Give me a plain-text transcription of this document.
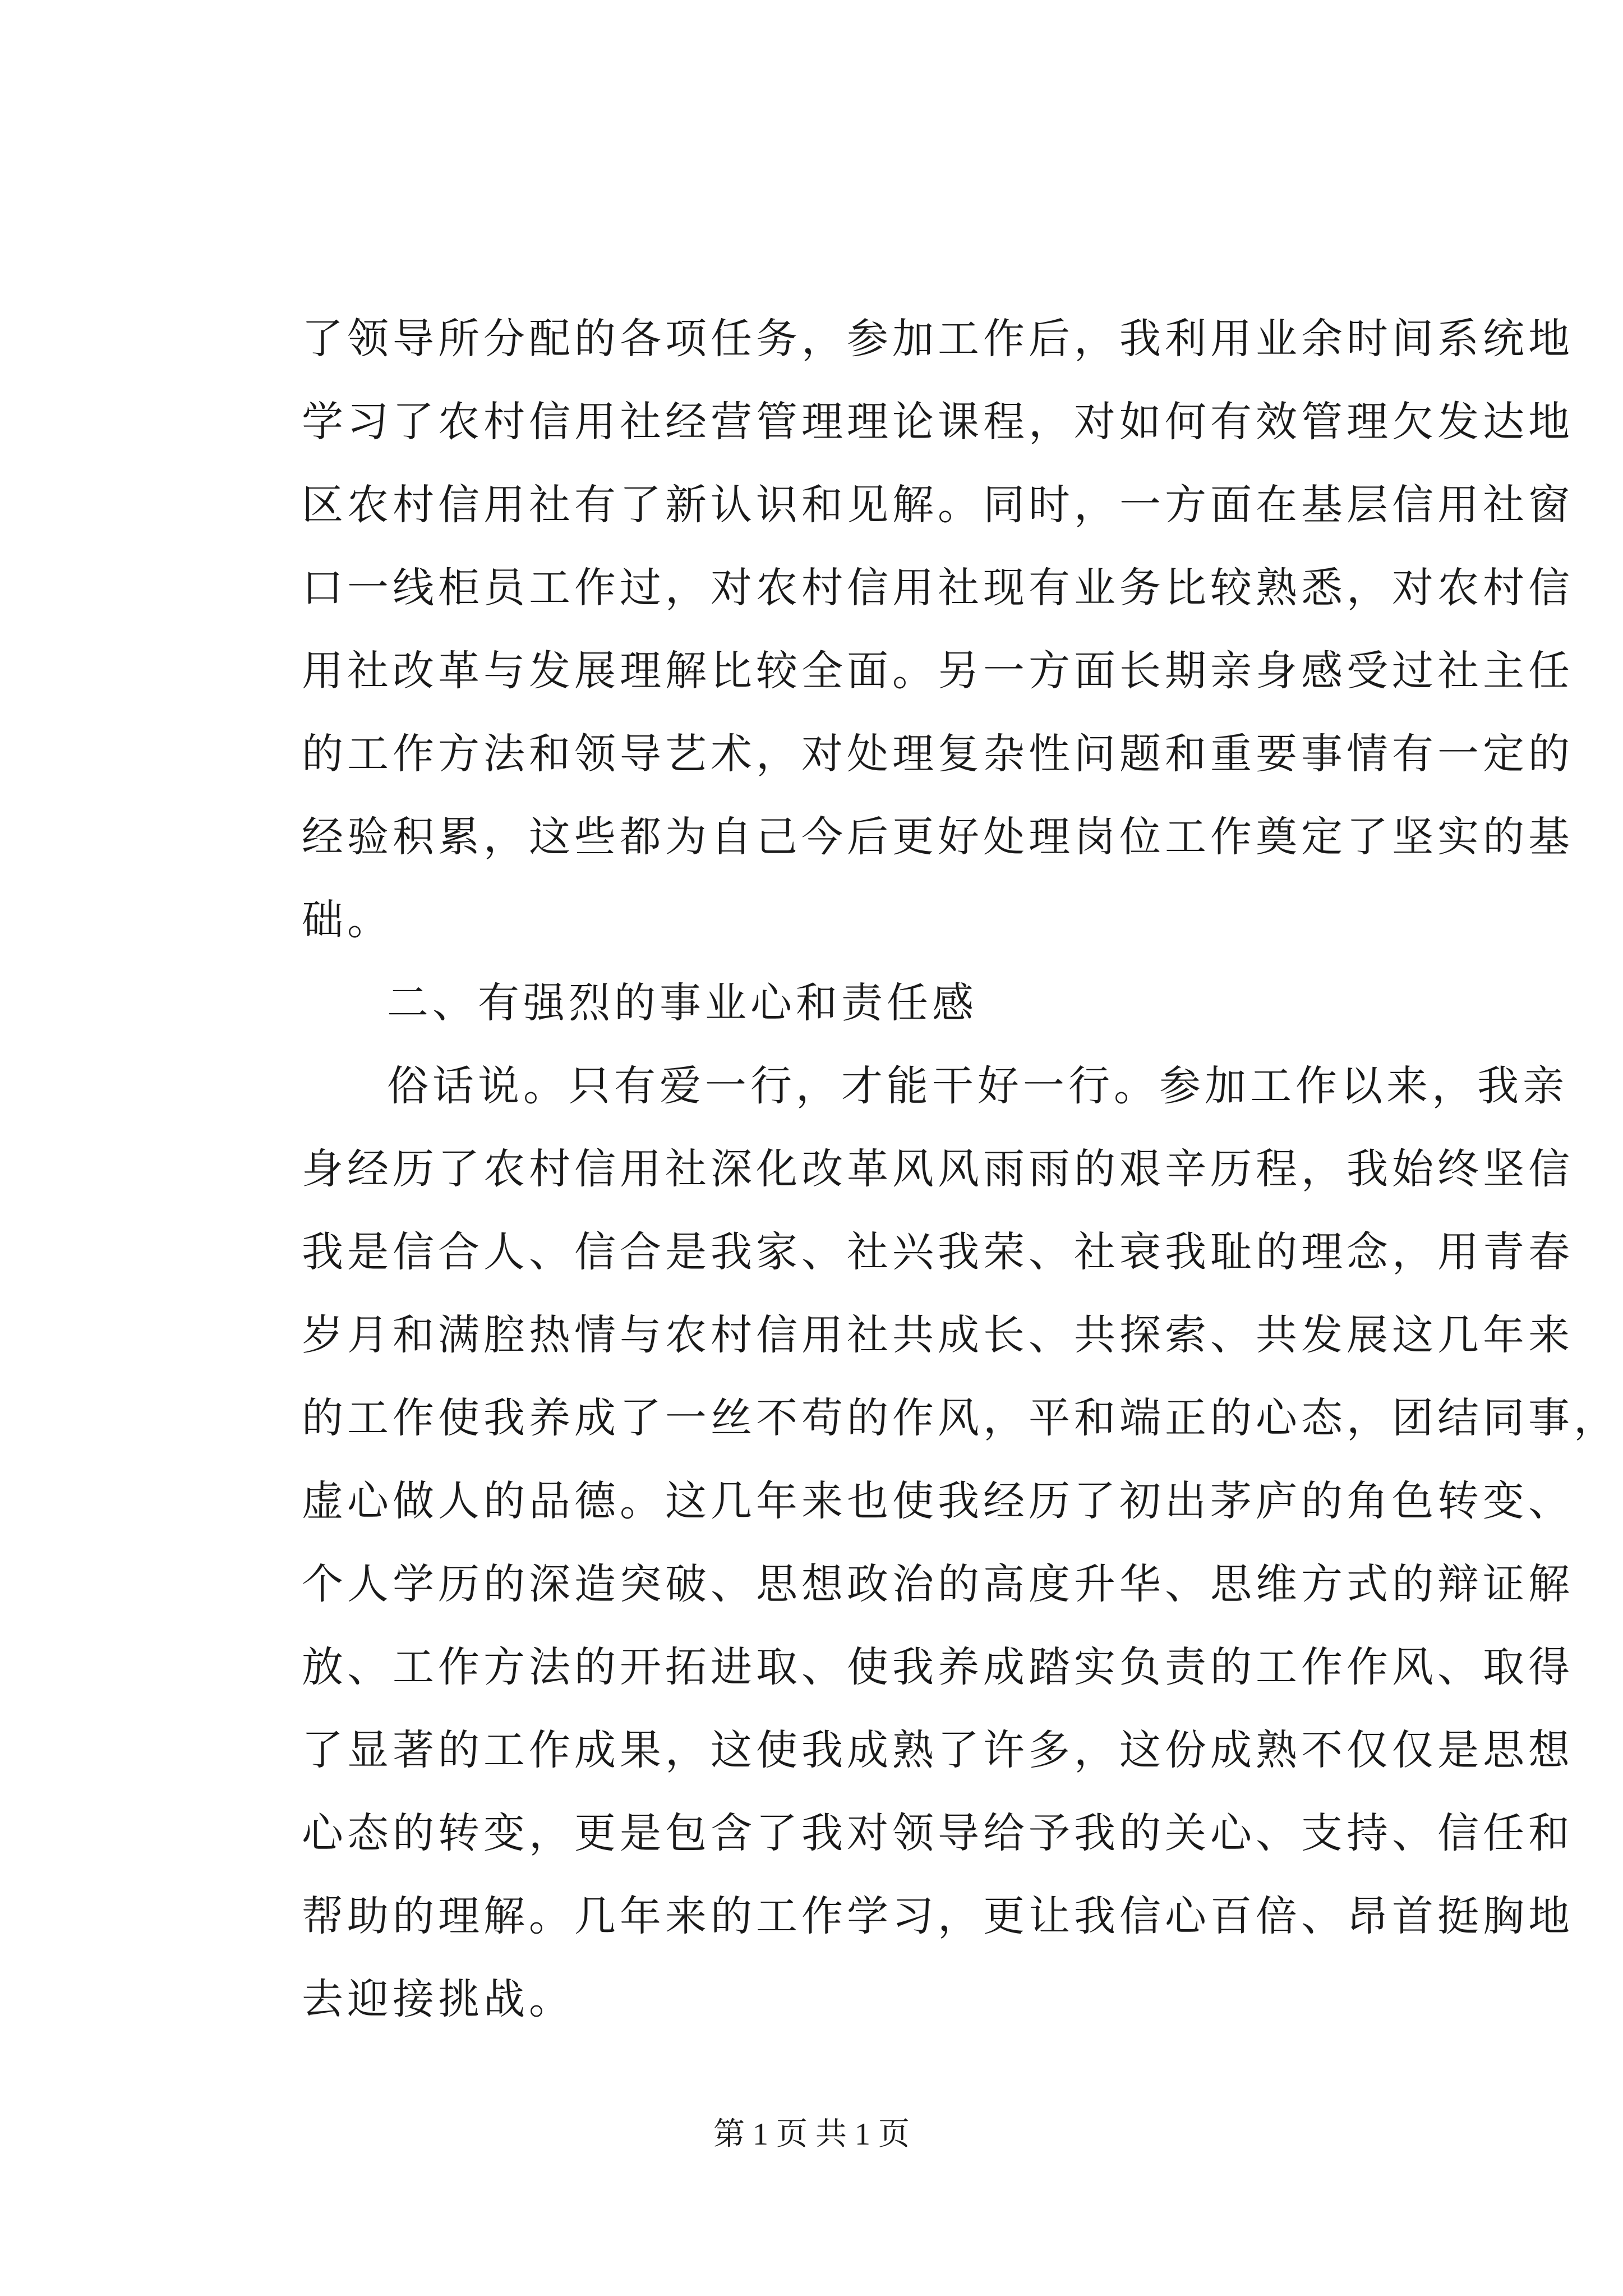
了领导所分配的各项任务，参加工作后，我利用业余时间系统地
学习了农村信用社经营管理理论课程，对如何有效管理欠发达地
区农村信用社有了新认识和见解。同时，一方面在基层信用社窗
口一线柜员工作过，对农村信用社现有业务比较熟悉，对农村信
用社改革与发展理解比较全面。另一方面长期亲身感受过社主任
的工作方法和领导艺术，对处理复杂性问题和重要事情有一定的
经验积累，这些都为自己今后更好处理岗位工作奠定了坚实的基
础。
二、有强烈的事业心和责任感
俗话说。只有爱一行，才能干好一行。参加工作以来，我亲
身经历了农村信用社深化改革风风雨雨的艰辛历程，我始终坚信
我是信合人、信合是我家、社兴我荣、社衰我耻的理念，用青春
岁月和满腔热情与农村信用社共成长、共探索、共发展这几年来
的工作使我养成了一丝不苟的作风，平和端正的心态，团结同事，
虚心做人的品德。这几年来也使我经历了初出茅庐的角色转变、
个人学历的深造突破、思想政治的高度升华、思维方式的辩证解
放、工作方法的开拓进取、使我养成踏实负责的工作作风、取得
了显著的工作成果，这使我成熟了许多，这份成熟不仅仅是思想
心态的转变，更是包含了我对领导给予我的关心、支持、信任和
帮助的理解。几年来的工作学习，更让我信心百倍、昂首挺胸地
去迎接挑战。
第 1 页 共 1 页
